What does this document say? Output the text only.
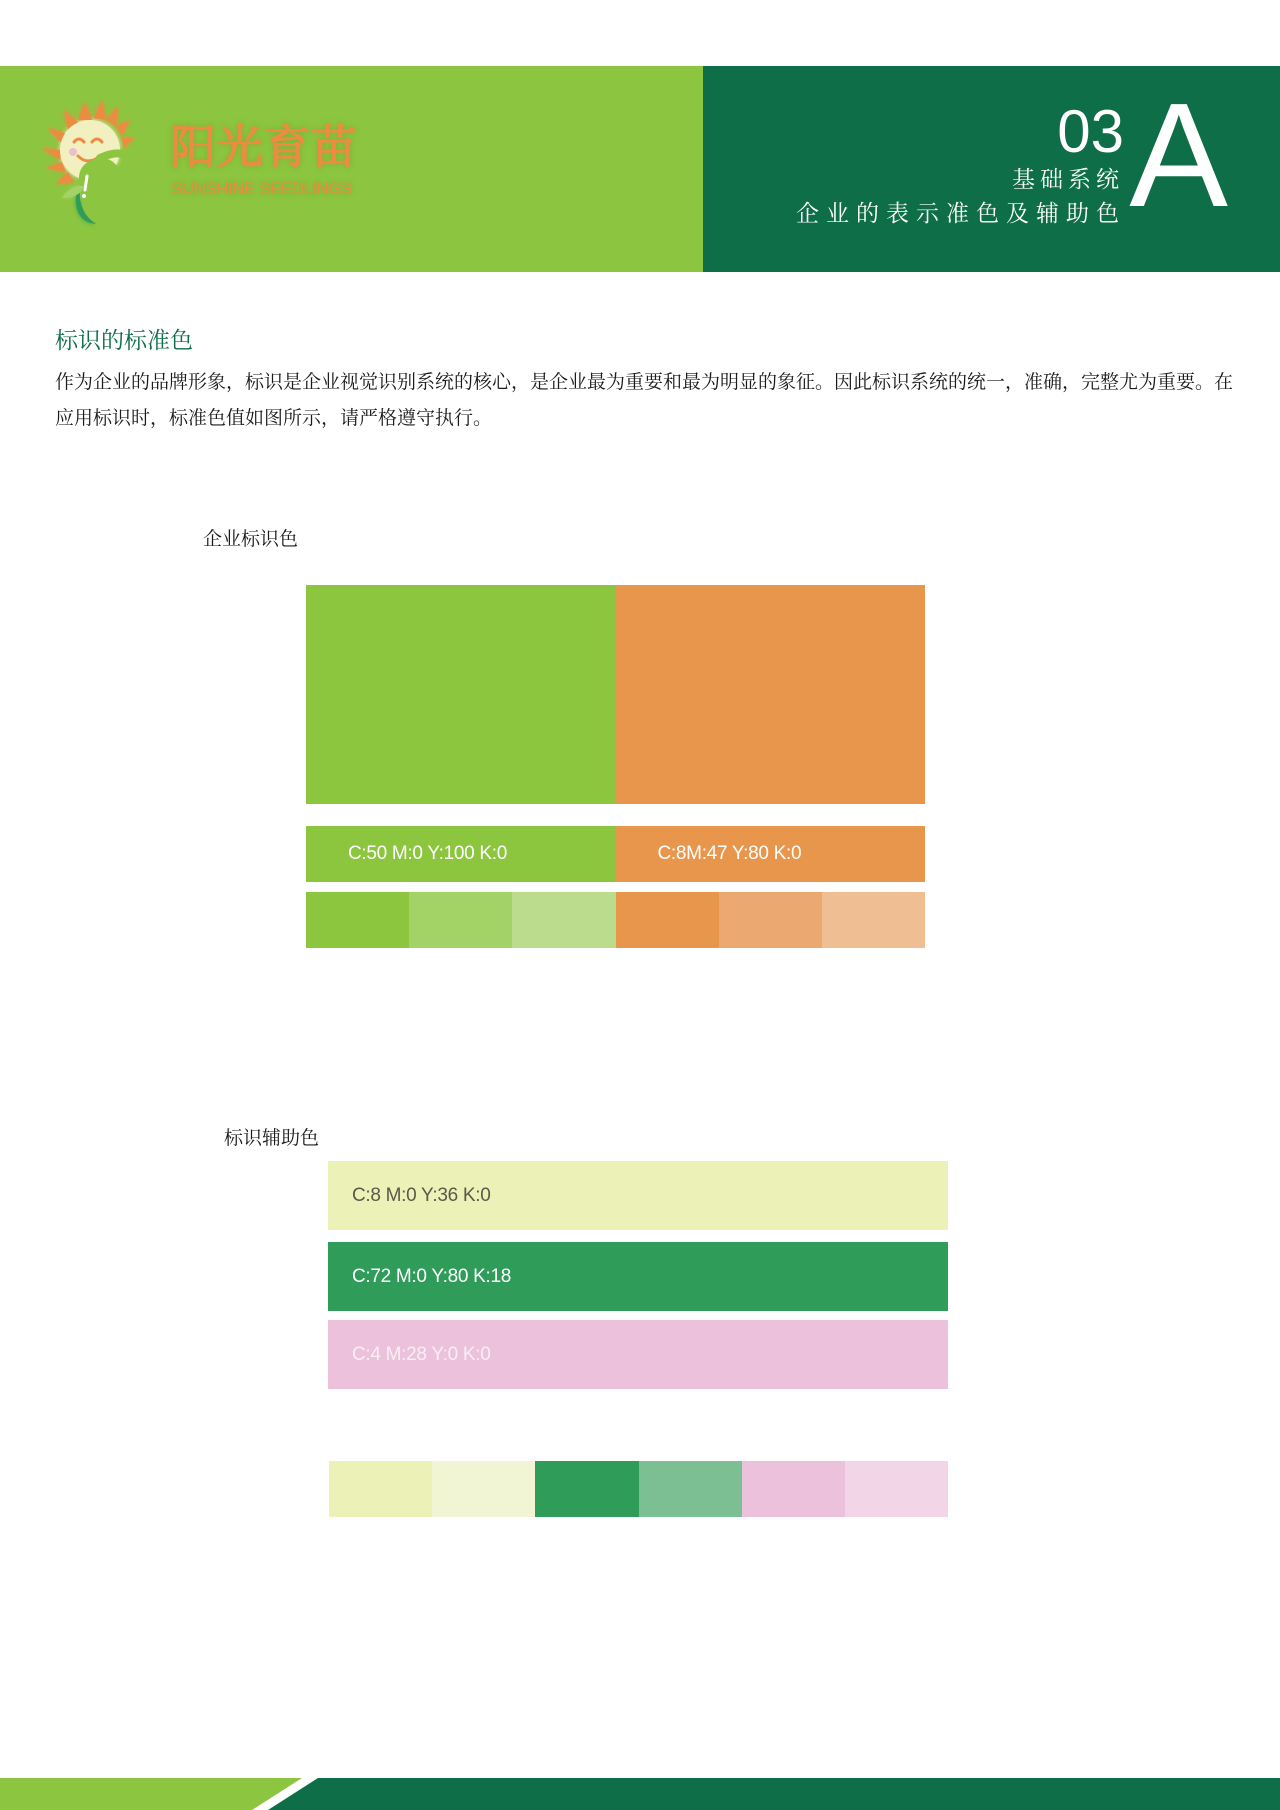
阳光育苗
SUNSHINE SEEDLINGS
03
基础系统
企业的表示准色及辅助色 A
标识的标准色
作为企业的品牌形象，标识是企业视觉识别系统的核心，是企业最为重要和最为明显的象征。因此标识系统的统一，准确，完整尤为重要。在应用标识时，标准色值如图所示，请严格遵守执行。
企业标识色
C:50 M:0 Y:100 K:0	C:8M:47 Y:80 K:0
标识辅助色
C:8 M:0 Y:36 K:0
C:72 M:0 Y:80 K:18
C:4 M:28 Y:0 K:0
